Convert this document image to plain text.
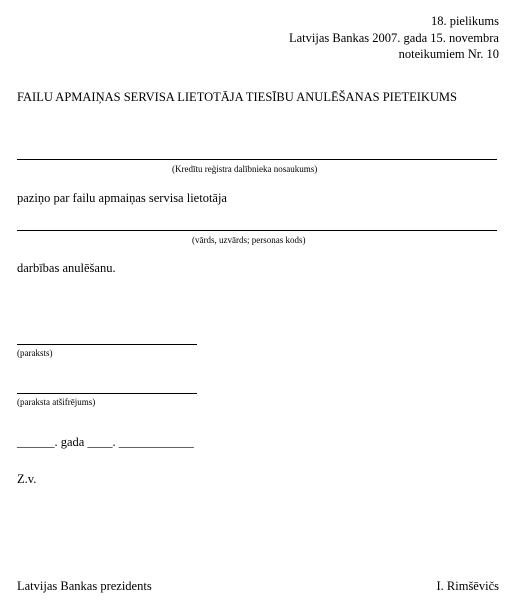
18. pielikums
Latvijas Bankas 2007. gada 15. novembra
noteikumiem Nr. 10
FAILU APMAIŅAS SERVISA LIETOTĀJA TIESĪBU ANULĒŠANAS PIETEIKUMS
(Kredītu reģistra dalībnieka nosaukums)
paziņo par failu apmaiņas servisa lietotāja
(vārds, uzvārds; personas kods)
darbības anulēšanu.
(paraksts)
(paraksta atšifrējums)
______. gada ____. ____________
Z.v.
Latvijas Bankas prezidents	I. Rimšēvičs
